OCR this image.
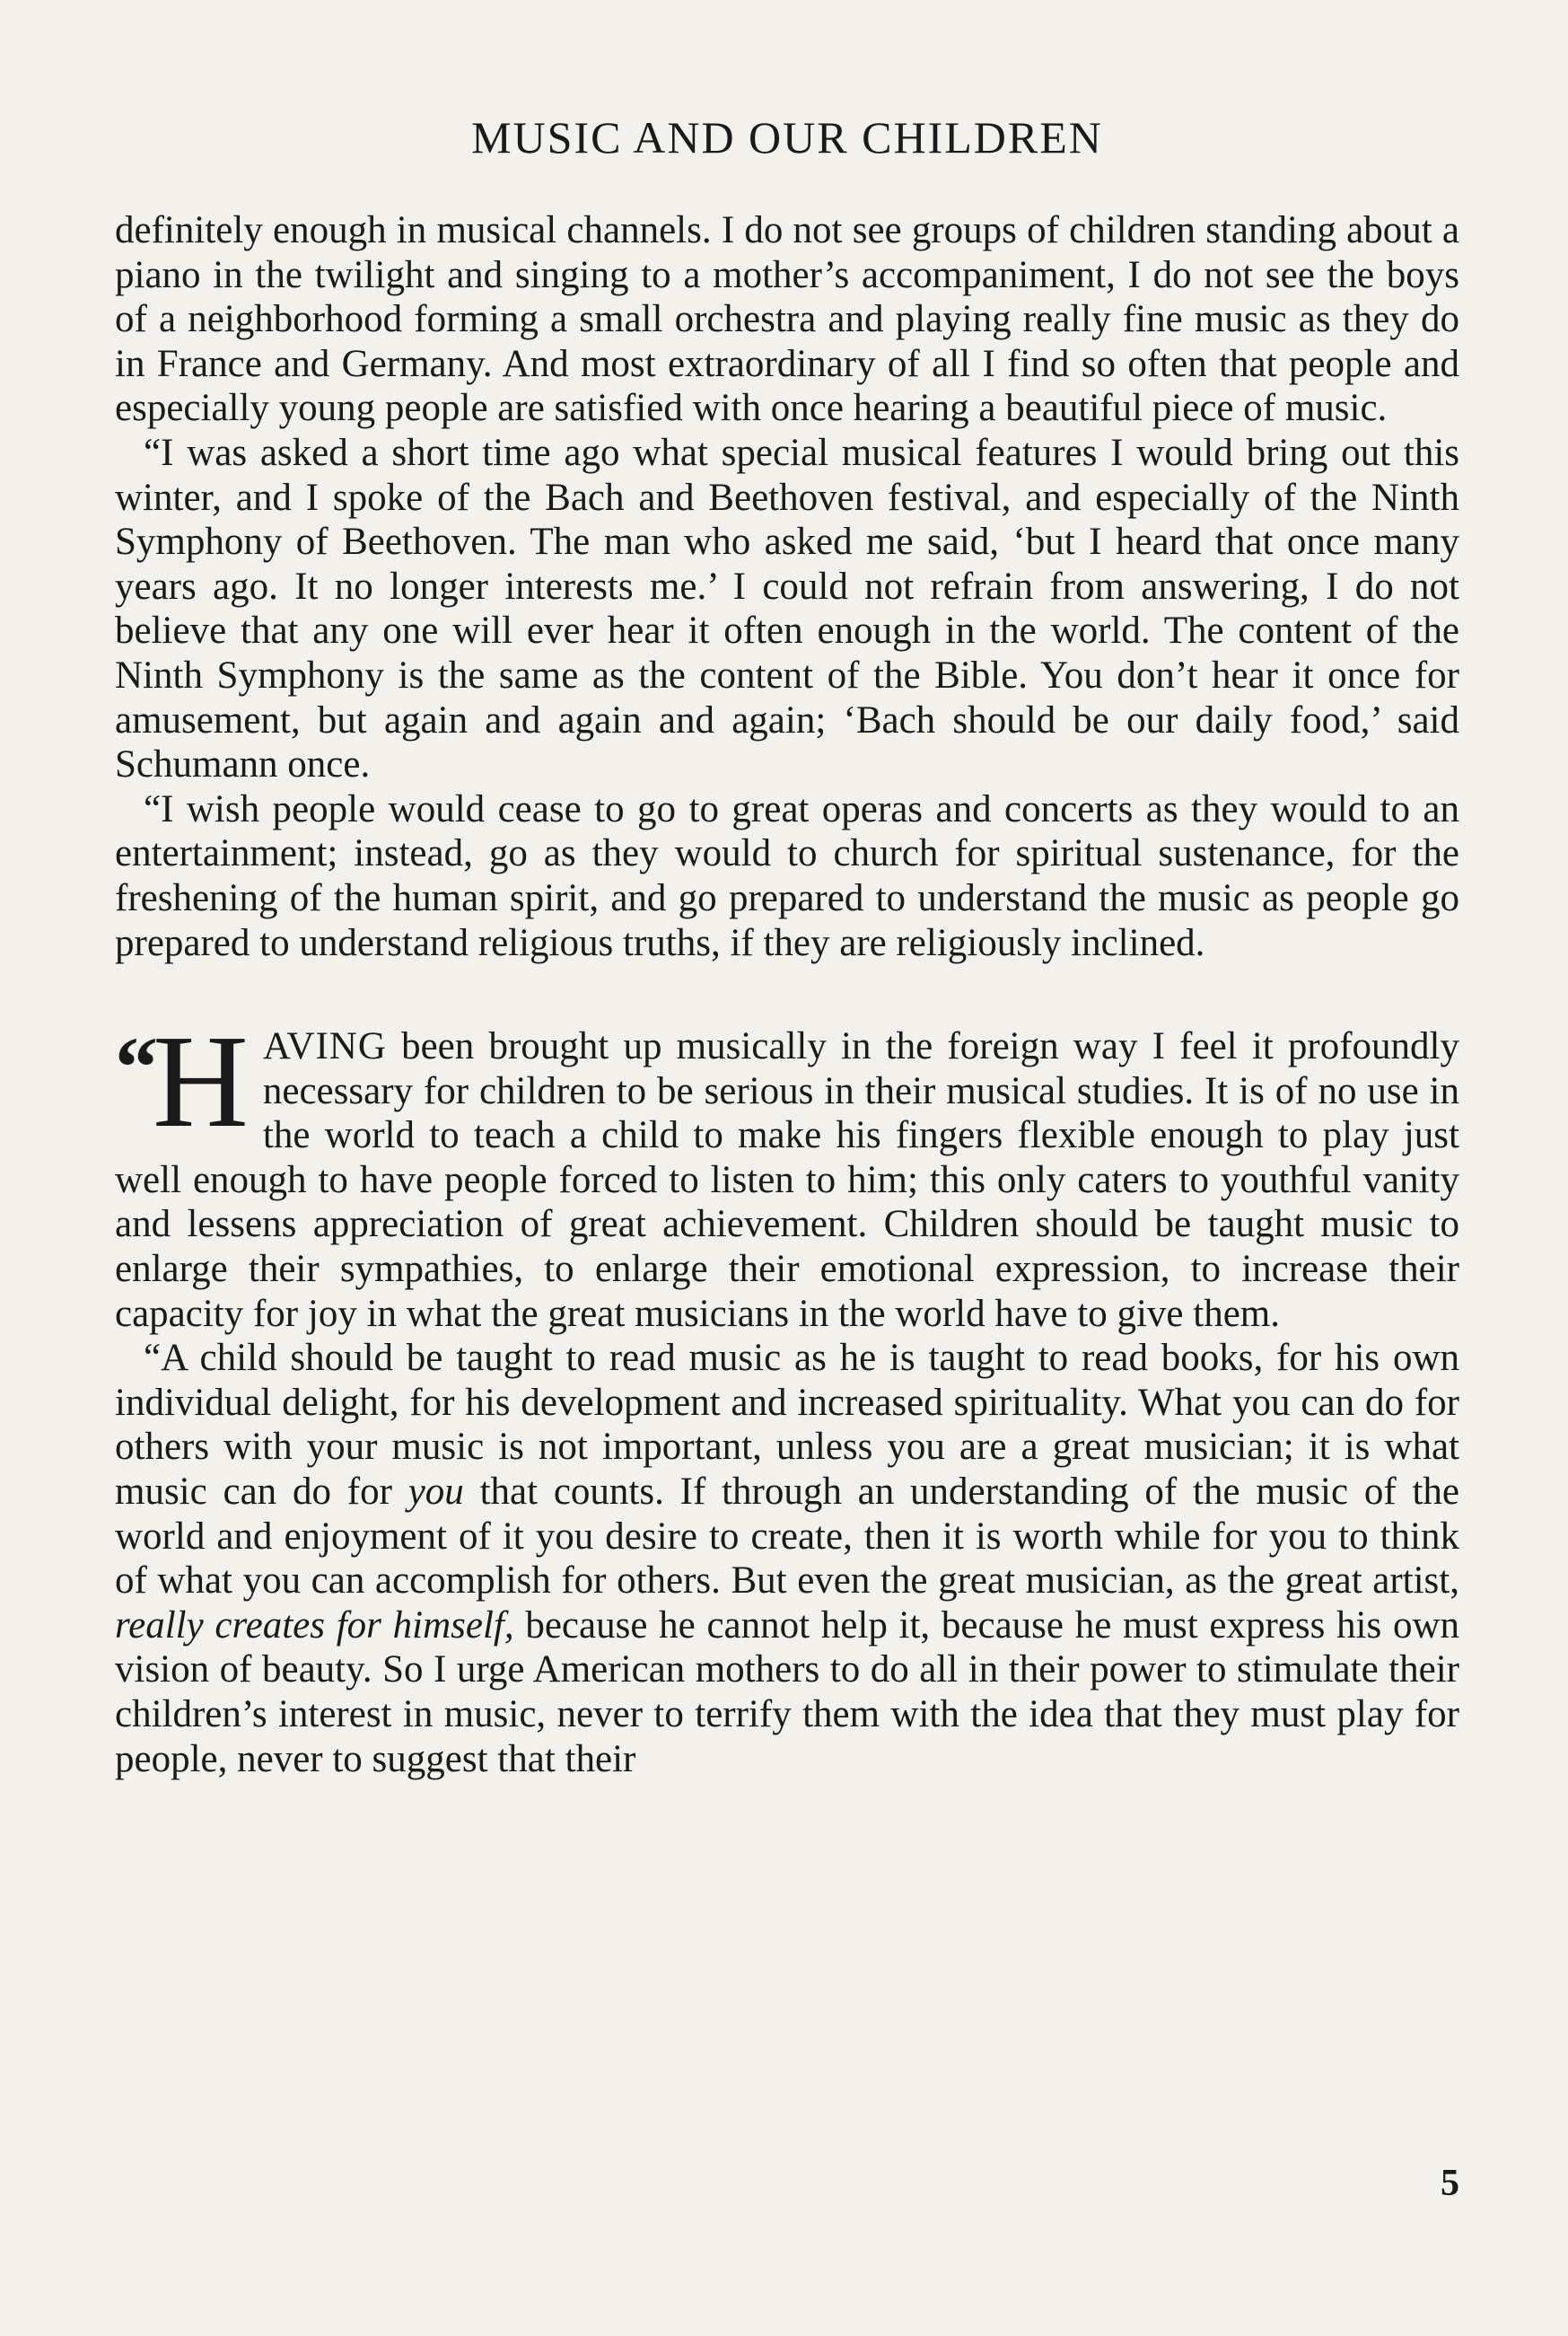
MUSIC AND OUR CHILDREN

definitely enough in musical channels. I do not see groups of children standing about a piano in the twilight and singing to a mother’s accompaniment, I do not see the boys of a neighborhood forming a small orchestra and playing really fine music as they do in France and Germany. And most extraordinary of all I find so often that people and especially young people are satisfied with once hearing a beautiful piece of music.

“I was asked a short time ago what special musical features I would bring out this winter, and I spoke of the Bach and Beethoven festival, and especially of the Ninth Symphony of Beethoven. The man who asked me said, ‘but I heard that once many years ago. It no longer interests me.’ I could not refrain from answering, I do not believe that any one will ever hear it often enough in the world. The content of the Ninth Symphony is the same as the content of the Bible. You don’t hear it once for amusement, but again and again and again; ‘Bach should be our daily food,’ said Schumann once.

“I wish people would cease to go to great operas and concerts as they would to an entertainment; instead, go as they would to church for spiritual sustenance, for the freshening of the human spirit, and go prepared to understand the music as people go prepared to understand religious truths, if they are religiously inclined.

“H AVING been brought up musically in the foreign way I feel it profoundly necessary for children to be serious in their musical studies. It is of no use in the world to teach a child to make his fingers flexible enough to play just well enough to have people forced to listen to him; this only caters to youthful vanity and lessens appreciation of great achievement. Children should be taught music to enlarge their sympathies, to enlarge their emotional expression, to increase their capacity for joy in what the great musicians in the world have to give them.

“A child should be taught to read music as he is taught to read books, for his own individual delight, for his development and increased spirituality. What you can do for others with your music is not important, unless you are a great musician; it is what music can do for you that counts. If through an understanding of the music of the world and enjoyment of it you desire to create, then it is worth while for you to think of what you can accomplish for others. But even the great musician, as the great artist, really creates for himself, because he cannot help it, because he must express his own vision of beauty. So I urge American mothers to do all in their power to stimulate their children’s interest in music, never to terrify them with the idea that they must play for people, never to suggest that their

5
